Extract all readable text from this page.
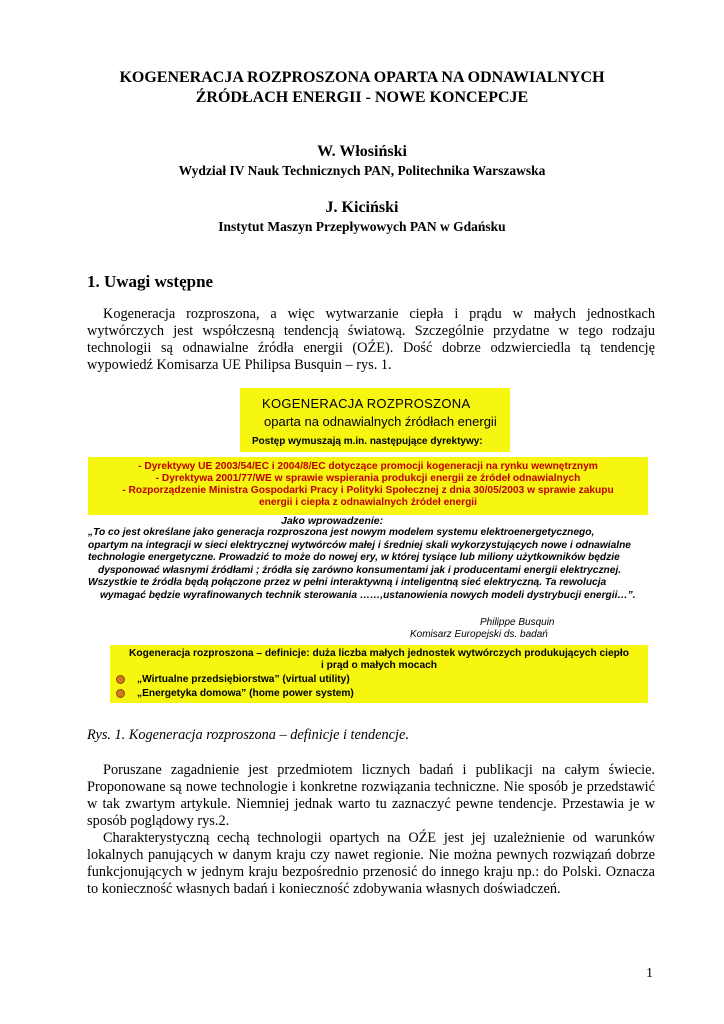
KOGENERACJA ROZPROSZONA OPARTA NA ODNAWIALNYCH
ŹRÓDŁACH ENERGII - NOWE KONCEPCJE
W. Włosiński
Wydział IV Nauk Technicznych PAN, Politechnika Warszawska
J. Kiciński
Instytut Maszyn Przepływowych PAN w Gdańsku
1. Uwagi wstępne

Kogeneracja rozproszona, a więc wytwarzanie ciepła i prądu w małych jednostkach wytwórczych jest współczesną tendencją światową. Szczególnie przydatne w tego rodzaju technologii są odnawialne źródła energii (OŹE). Dość dobrze odzwierciedla tą tendencję wypowiedź Komisarza UE Philipsa Busquin – rys. 1.

KOGENERACJA ROZPROSZONA
oparta na odnawialnych źródłach energii
Postęp wymuszają m.in. następujące dyrektywy:
- Dyrektywy UE 2003/54/EC i 2004/8/EC dotyczące promocji kogeneracji na rynku wewnętrznym
- Dyrektywa 2001/77/WE w sprawie wspierania produkcji energii ze źródeł odnawialnych
- Rozporządzenie Ministra Gospodarki Pracy i Polityki Społecznej z dnia 30/05/2003 w sprawie zakupu
energii i ciepła z odnawialnych źródeł energii
Jako wprowadzenie:
„To co jest określane jako generacja rozproszona jest nowym modelem systemu elektroenergetycznego,
opartym na integracji w sieci elektrycznej wytwórców małej i średniej skali wykorzystujących nowe i odnawialne
technologie energetyczne. Prowadzić to może do nowej ery, w której tysiące lub miliony użytkowników będzie
dysponować własnymi źródłami ; źródła się zarówno konsumentami jak i producentami energii elektrycznej.
Wszystkie te źródła będą połączone przez w pełni interaktywną i inteligentną sieć elektryczną. Ta rewolucja
wymagać będzie wyrafinowanych technik sterowania ……,ustanowienia nowych modeli dystrybucji energii…”.
Philippe Busquin
Komisarz Europejski ds. badań
Kogeneracja rozproszona – definicje: duża liczba małych jednostek wytwórczych produkujących ciepło
i prąd o małych mocach
„Wirtualne przedsiębiorstwa” (virtual utility)
„Energetyka domowa” (home power system)
Rys. 1. Kogeneracja rozproszona – definicje i tendencje.

Poruszane zagadnienie jest przedmiotem licznych badań i publikacji na całym świecie. Proponowane są nowe technologie i konkretne rozwiązania techniczne. Nie sposób je przedstawić w tak zwartym artykule. Niemniej jednak warto tu zaznaczyć pewne tendencje. Przestawia je w sposób poglądowy rys.2.

Charakterystyczną cechą technologii opartych na OŹE jest jej uzależnienie od warunków lokalnych panujących w danym kraju czy nawet regionie. Nie można pewnych rozwiązań dobrze funkcjonujących w jednym kraju bezpośrednio przenosić do innego kraju np.: do Polski. Oznacza to konieczność własnych badań i konieczność zdobywania własnych doświadczeń.

1
